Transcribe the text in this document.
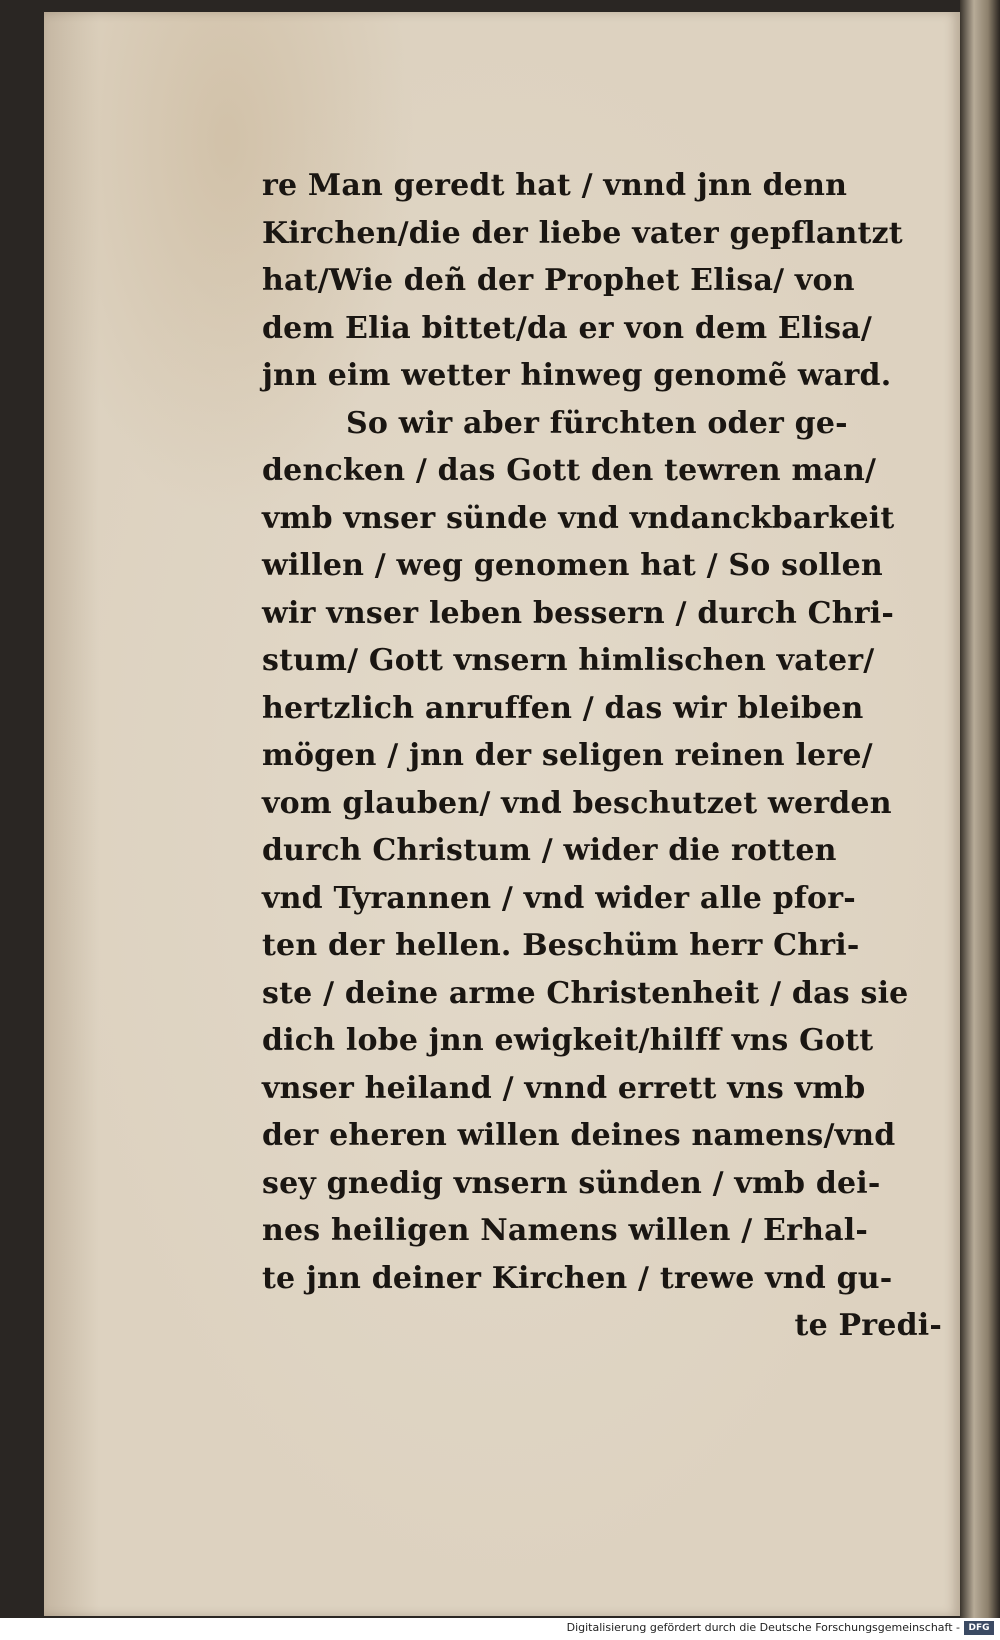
re Man geredt hat / vnnd jnn denn
Kirchen/die der liebe vater gepflantzt
hat/Wie deñ der Prophet Elisa/ von
dem Elia bittet/da er von dem Elisa/
jnn eim wetter hinweg genomẽ ward.
So wir aber fürchten oder ge-
dencken / das Gott den tewren man/
vmb vnser sünde vnd vndanckbarkeit
willen / weg genomen hat / So sollen
wir vnser leben bessern / durch Chri-
stum/ Gott vnsern himlischen vater/
hertzlich anruffen / das wir bleiben
mögen / jnn der seligen reinen lere/
vom glauben/ vnd beschutzet werden
durch Christum / wider die rotten
vnd Tyrannen / vnd wider alle pfor-
ten der hellen. Beschüm herr Chri-
ste / deine arme Christenheit / das sie
dich lobe jnn ewigkeit/hilff vns Gott
vnser heiland / vnnd errett vns vmb
der eheren willen deines namens/vnd
sey gnedig vnsern sünden / vmb dei-
nes heiligen Namens willen / Erhal-
te jnn deiner Kirchen / trewe vnd gu-
te Predi-
Digitalisierung gefördert durch die Deutsche Forschungsgemeinschaft - DFG
